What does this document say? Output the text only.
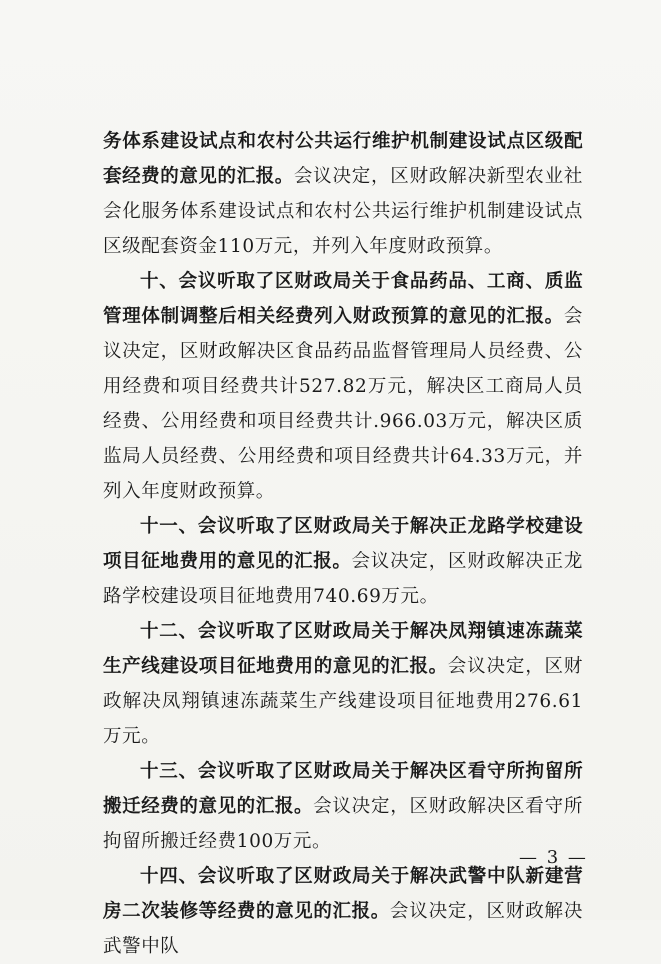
务体系建设试点和农村公共运行维护机制建设试点区级配套经费的意见的汇报。会议决定，区财政解决新型农业社会化服务体系建设试点和农村公共运行维护机制建设试点区级配套资金110万元，并列入年度财政预算。

十、会议听取了区财政局关于食品药品、工商、质监管理体制调整后相关经费列入财政预算的意见的汇报。会议决定，区财政解决区食品药品监督管理局人员经费、公用经费和项目经费共计527.82万元，解决区工商局人员经费、公用经费和项目经费共计.966.03万元，解决区质监局人员经费、公用经费和项目经费共计64.33万元，并列入年度财政预算。

十一、会议听取了区财政局关于解决正龙路学校建设项目征地费用的意见的汇报。会议决定，区财政解决正龙路学校建设项目征地费用740.69万元。

十二、会议听取了区财政局关于解决凤翔镇速冻蔬菜生产线建设项目征地费用的意见的汇报。会议决定，区财政解决凤翔镇速冻蔬菜生产线建设项目征地费用276.61万元。

十三、会议听取了区财政局关于解决区看守所拘留所搬迁经费的意见的汇报。会议决定，区财政解决区看守所拘留所搬迁经费100万元。

十四、会议听取了区财政局关于解决武警中队新建营房二次装修等经费的意见的汇报。会议决定，区财政解决武警中队

— 3 —
